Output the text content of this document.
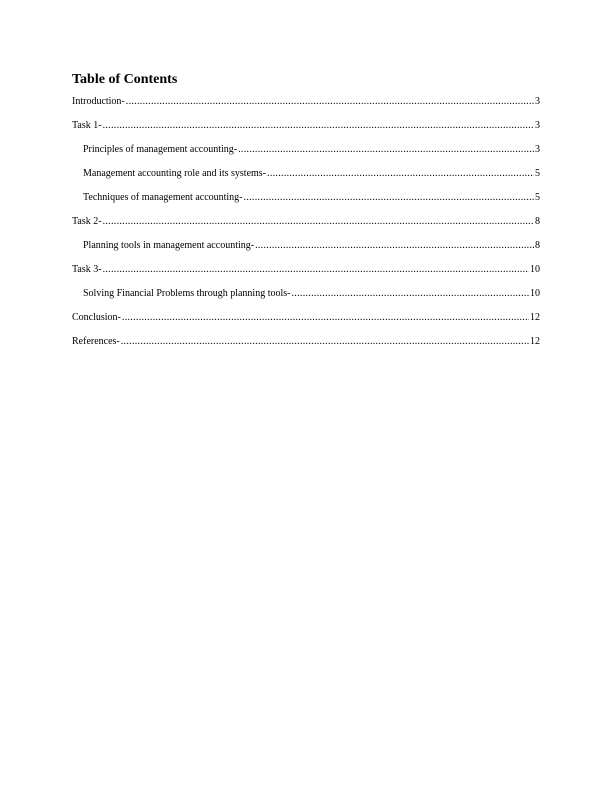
Table of Contents
Introduction- .....	3
Task 1- .....	3
Principles of management accounting- .....	3
Management accounting role and its systems- .....	5
Techniques of management accounting- .....	5
Task 2- .....	8
Planning tools in management accounting- .....	8
Task 3- .....	10
Solving Financial Problems through planning tools- .....	10
Conclusion- .....	12
References- .....	12
